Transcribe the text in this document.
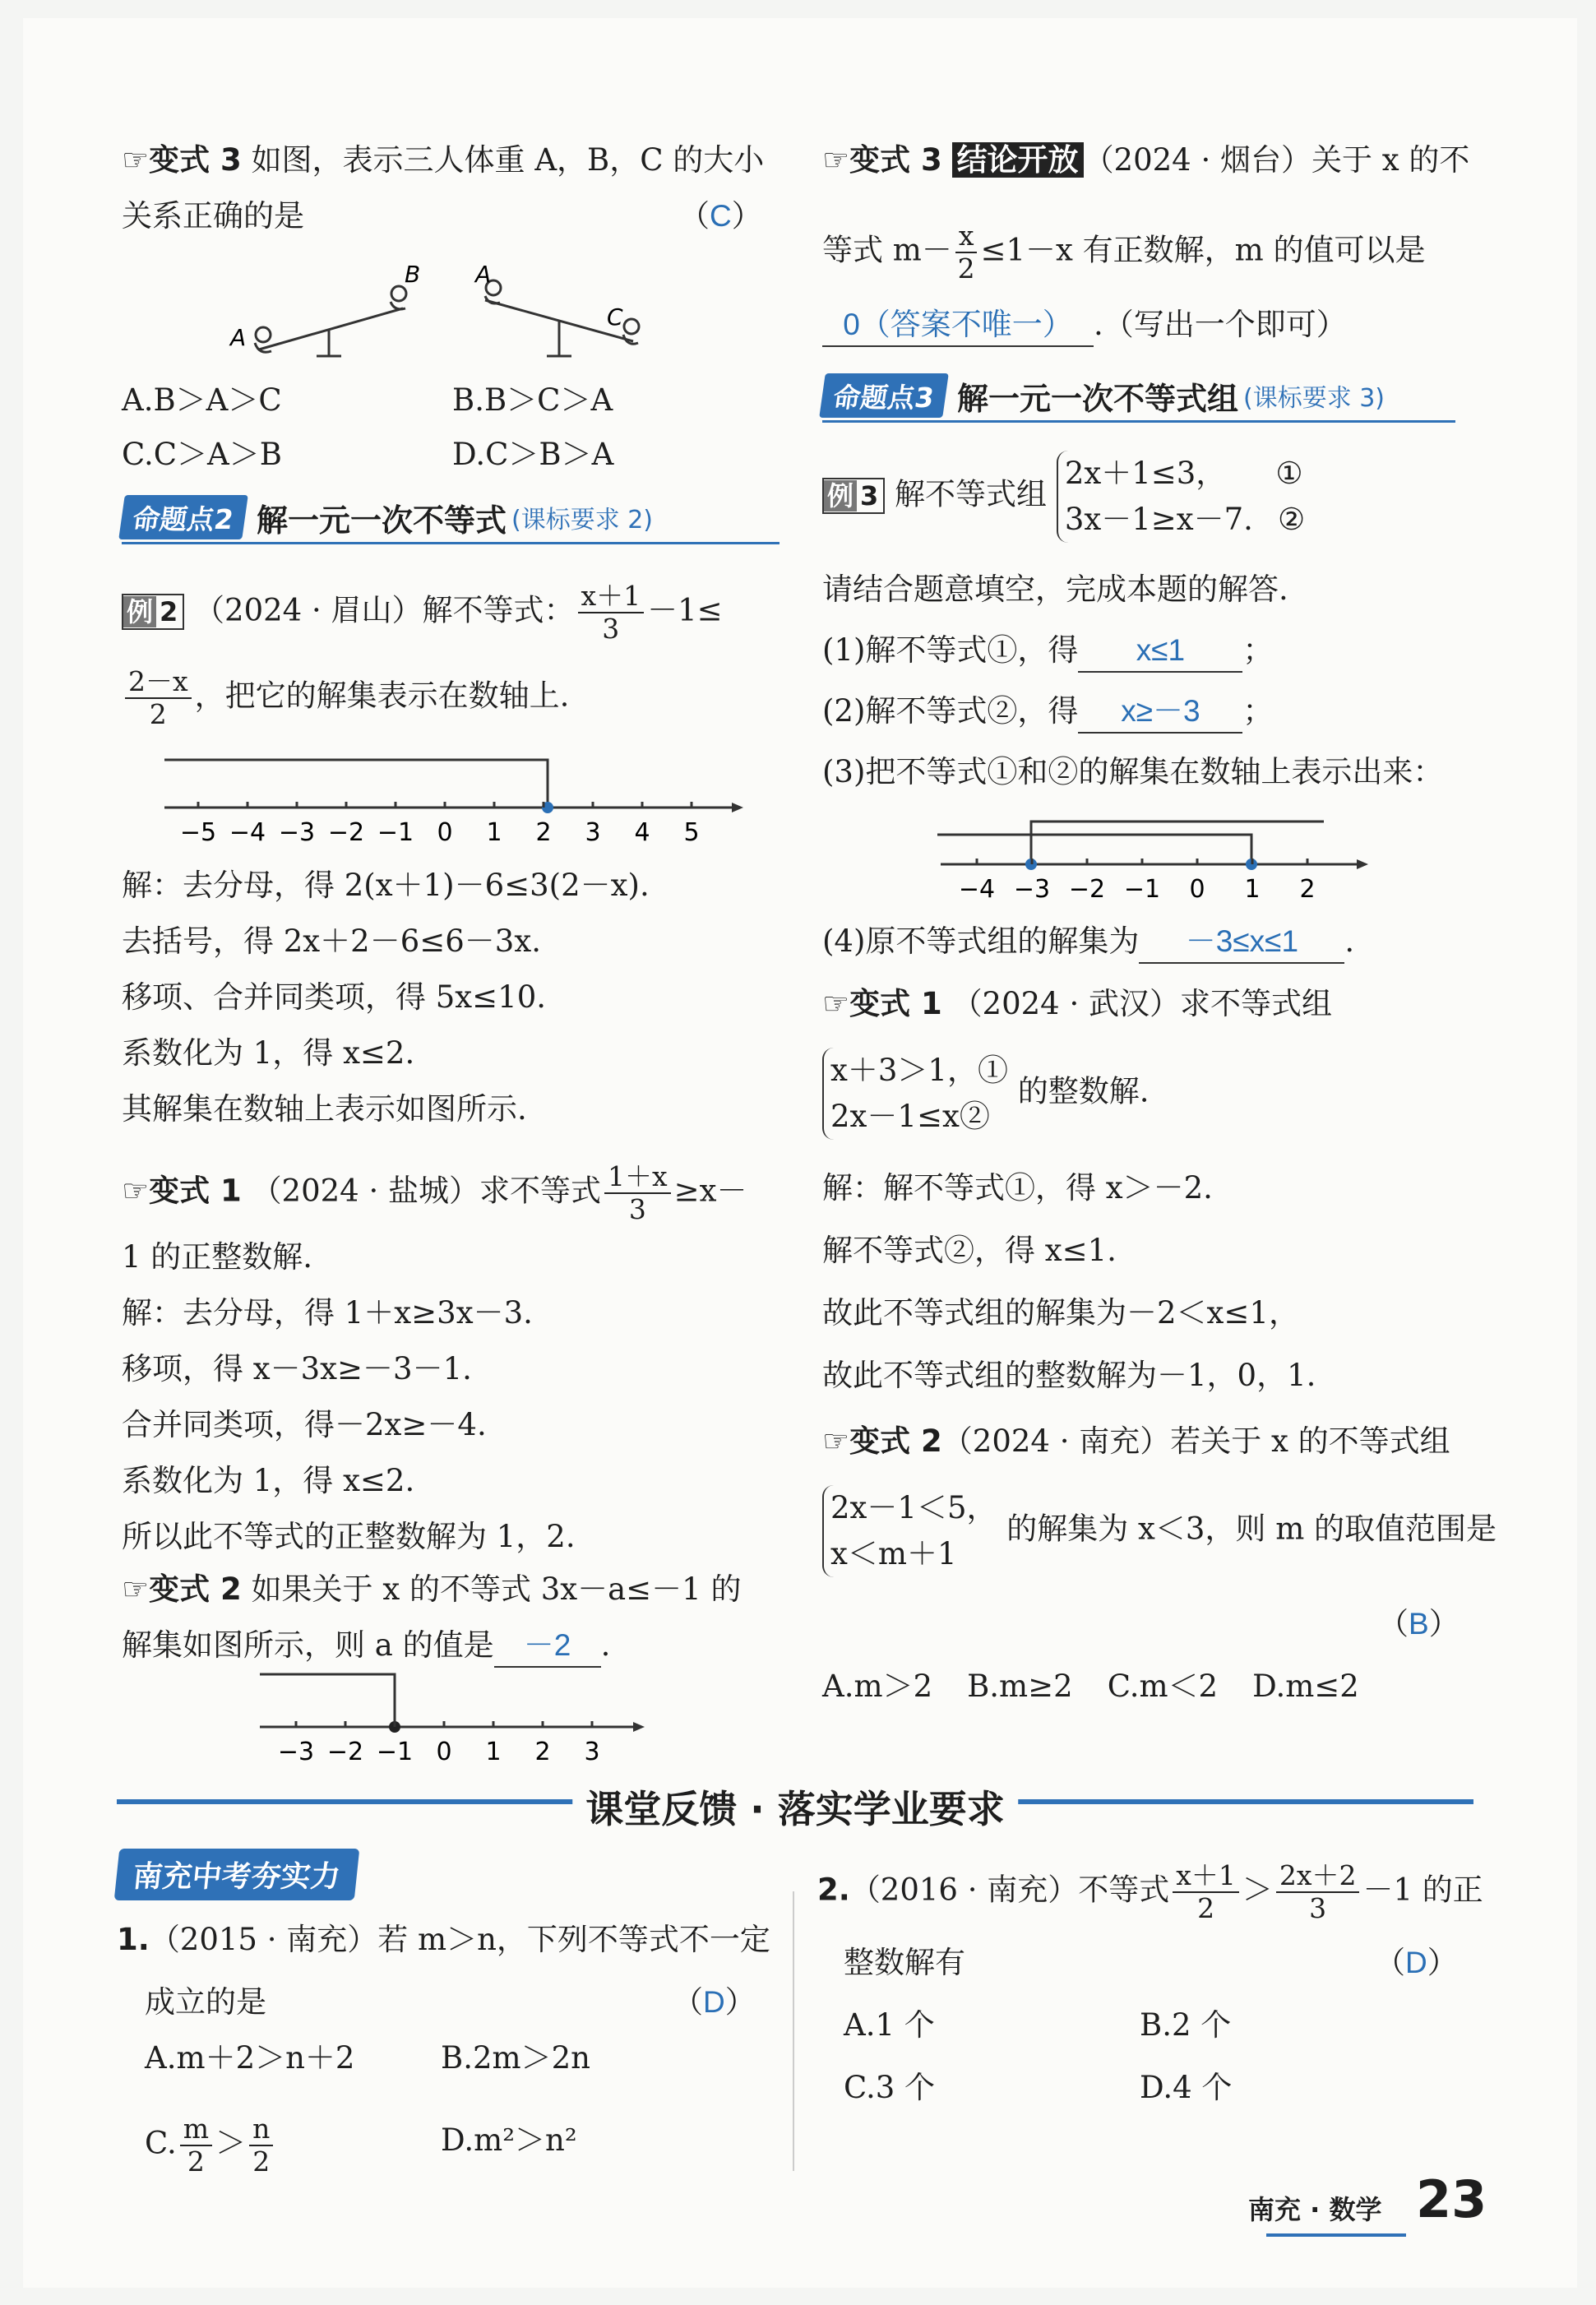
☞变式 3 如图，表示三人体重 A，B，C 的大小
关系正确的是	（C）
A
B A
C
A.B＞A＞C	B.B＞C＞A
C.C＞A＞B	D.C＞B＞A
命题点2 解一元一次不等式 (课标要求 2)
例 2 （2024 · 眉山）解不等式： $\frac{x+1}{3} -1\le$
$\frac{2-x}{2}$ ，把它的解集表示在数轴上.
−5 −4 −3 −2 −1 0 1 2 3 4 5
解：去分母，得 2(x＋1)－6≤3(2－x).
去括号，得 2x＋2－6≤6－3x.
移项、合并同类项，得 5x≤10.
系数化为 1，得 x≤2.
其解集在数轴上表示如图所示.
☞变式 1 （2024 · 盐城）求不等式 $\frac{1+x}{3} \ge x-$
1 的正整数解.
解：去分母，得 1＋x≥3x－3.
移项，得 x－3x≥－3－1.
合并同类项，得－2x≥－4.
系数化为 1，得 x≤2.
所以此不等式的正整数解为 1，2.
☞变式 2 如果关于 x 的不等式 3x－a≤－1 的
解集如图所示，则 a 的值是 －2 .
−3 −2 −1 0 1 2 3
☞变式 3 结论开放 （2024 · 烟台）关于 x 的不
等式 $m- \frac{x}{2} \le 1-x$ 有正数解，m 的值可以是
0（答案不唯一） .（写出一个即可）
命题点3 解一元一次不等式组 (课标要求 3)
例 3 解不等式组 2x＋1≤3， ①
3x－1≥x－7. ②
请结合题意填空，完成本题的解答.
(1)解不等式①，得 x≤1 ；
(2)解不等式②，得 x≥－3 ；
(3)把不等式①和②的解集在数轴上表示出来：
−4 −3 −2 −1 0 1 2
(4)原不等式组的解集为 －3≤x≤1 .
☞变式 1 （2024 · 武汉）求不等式组
x＋3＞1，①
2x－1≤x② 的整数解.
解：解不等式①，得 x＞－2.
解不等式②，得 x≤1.
故此不等式组的解集为－2＜x≤1，
故此不等式组的整数解为－1，0，1.
☞变式 2（2024 · 南充）若关于 x 的不等式组
2x－1＜5，
x＜m＋1 的解集为 x＜3，则 m 的取值范围是
（B）
A.m＞2 B.m≥2 C.m＜2 D.m≤2
课堂反馈 · 落实学业要求
南充中考夯实力
1.（2015 · 南充）若 m＞n，下列不等式不一定
成立的是	（D）
A.m＋2＞n＋2	B.2m＞2n
C. $\frac{m}{2} > \frac{n}{2}$	D.m²＞n²
2.（2016 · 南充）不等式 $\frac{x+1}{2} > \frac{2x+2}{3} -1$ 的正
整数解有	（D）
A.1 个	B.2 个
C.3 个	D.4 个
南充 · 数学 23
